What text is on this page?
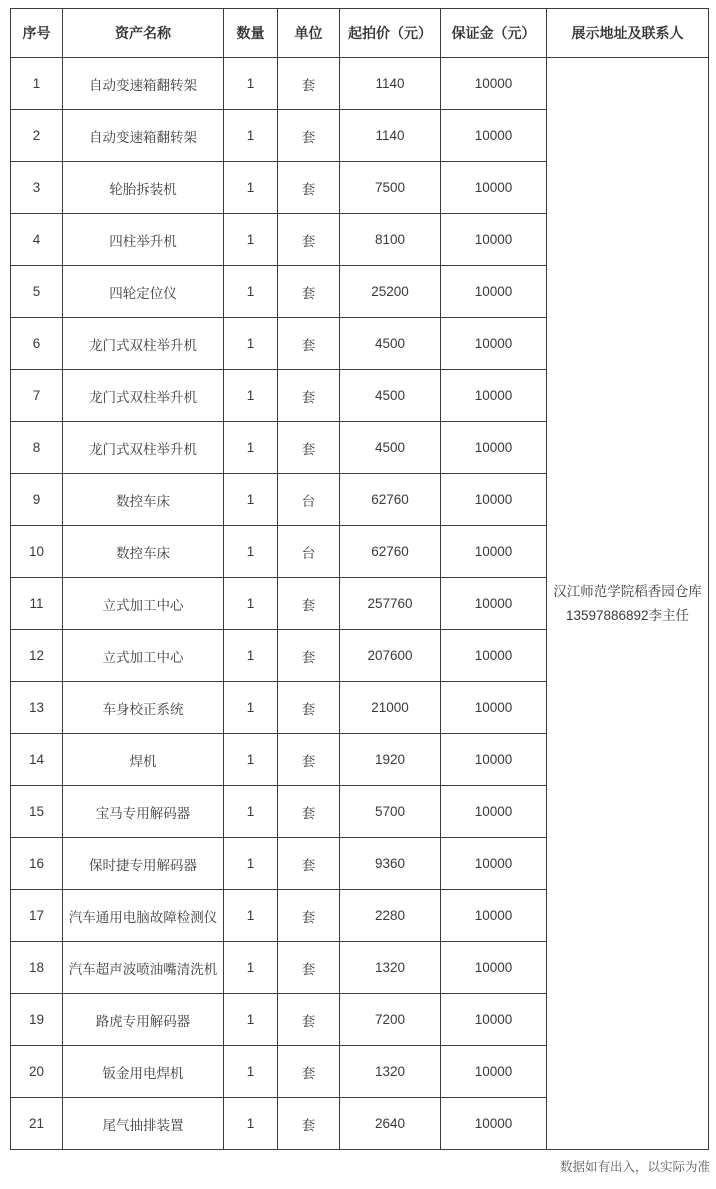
序号	资产名称	数量	单位	起拍价（元）	保证金（元）	展示地址及联系人
1	自动变速箱翻转架	1	套	1140	10000	汉江师范学院稻香园仓库
13597886892李主任

2	自动变速箱翻转架	1	套	1140	10000	
3	轮胎拆装机	1	套	7500	10000	
4	四柱举升机	1	套	8100	10000	
5	四轮定位仪	1	套	25200	10000	
6	龙门式双柱举升机	1	套	4500	10000	
7	龙门式双柱举升机	1	套	4500	10000	
8	龙门式双柱举升机	1	套	4500	10000	
9	数控车床	1	台	62760	10000	
10	数控车床	1	台	62760	10000	
11	立式加工中心	1	套	257760	10000	
12	立式加工中心	1	套	207600	10000	
13	车身校正系统	1	套	21000	10000	
14	焊机	1	套	1920	10000	
15	宝马专用解码器	1	套	5700	10000	
16	保时捷专用解码器	1	套	9360	10000	
17	汽车通用电脑故障检测仪	1	套	2280	10000	
18	汽车超声波喷油嘴清洗机	1	套	1320	10000	
19	路虎专用解码器	1	套	7200	10000	
20	钣金用电焊机	1	套	1320	10000	
21	尾气抽排装置	1	套	2640	10000	
数据如有出入，以实际为准
